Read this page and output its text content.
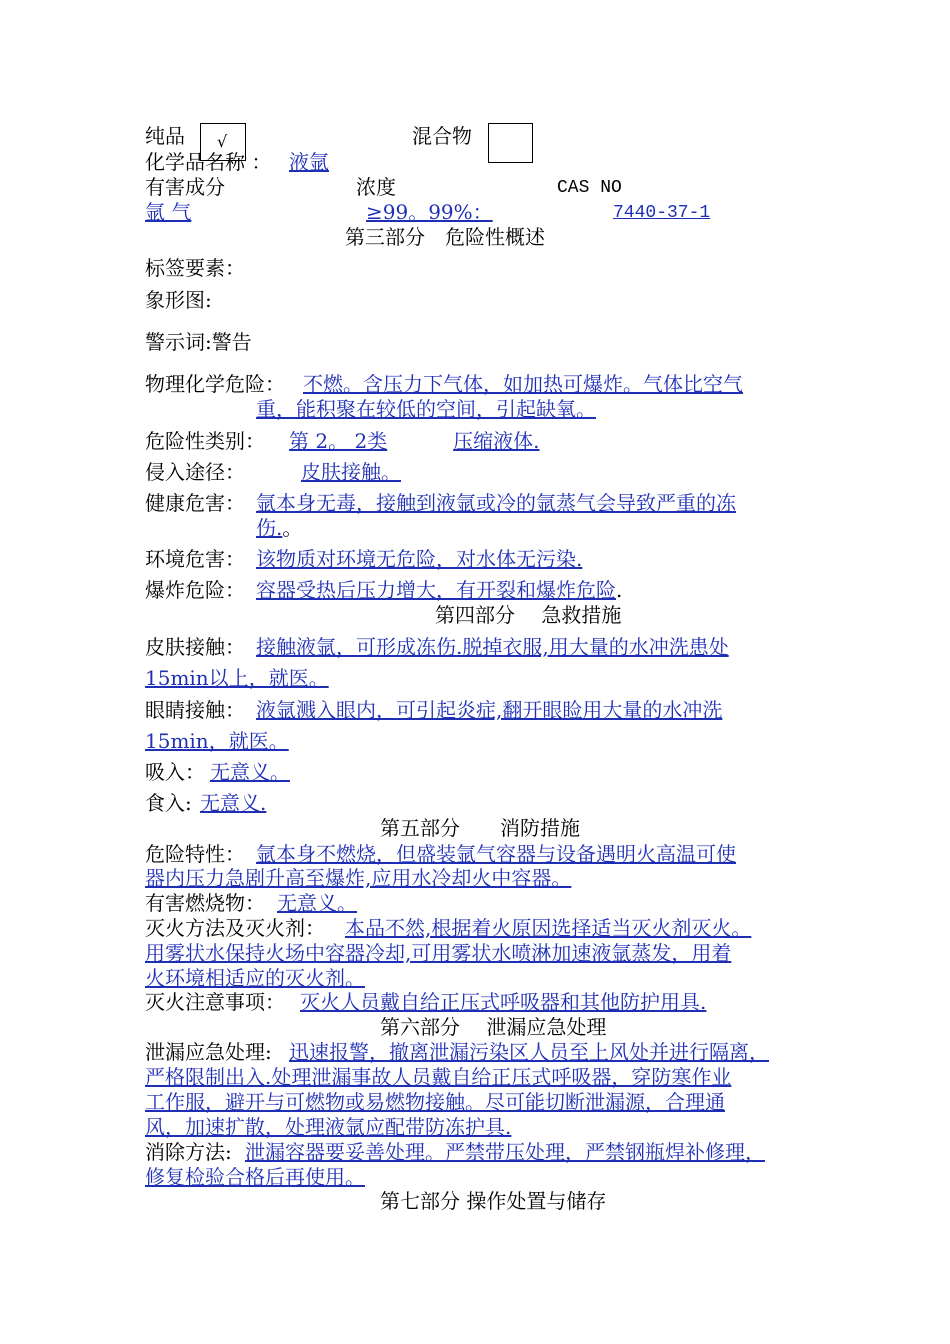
纯品 √	混合物
化学品名称 ： 液氩
有害成分	浓度	CAS NO
氩 气	≥99。99%：	7440-37-1
第三部分　危险性概述
标签要素：
象形图:
警示词:警告
物理化学危险： 不燃。含压力下气体，如加热可爆炸。气体比空气
重，能积聚在较低的空间，引起缺氧。
危险性类别：	第 2。 2类	压缩液体.
侵入途径：	皮肤接触。
健康危害： 氩本身无毒，接触到液氩或冷的氩蒸气会导致严重的冻
伤.。
环境危害： 该物质对环境无危险，对水体无污染.
爆炸危险： 容器受热后压力增大，有开裂和爆炸危险.
第四部分　 急救措施
皮肤接触： 接触液氩，可形成冻伤.脱掉衣服,用大量的水冲洗患处
15min以上，就医。
眼睛接触： 液氩溅入眼内，可引起炎症,翻开眼睑用大量的水冲洗
15min，就医。
吸入： 无意义。
食入: 无意义.
第五部分　　消防措施
危险特性： 氩本身不燃烧，但盛装氩气容器与设备遇明火高温可使
器内压力急剧升高至爆炸,应用水冷却火中容器。
有害燃烧物： 无意义。
灭火方法及灭火剂： 本品不然,根据着火原因选择适当灭火剂灭火。
用雾状水保持火场中容器冷却,可用雾状水喷淋加速液氩蒸发，用着
火环境相适应的灭火剂。
灭火注意事项： 灭火人员戴自给正压式呼吸器和其他防护用具.
第六部分　 泄漏应急处理
泄漏应急处理: 迅速报警，撤离泄漏污染区人员至上风处并进行隔离，
严格限制出入.处理泄漏事故人员戴自给正压式呼吸器，穿防寒作业
工作服，避开与可燃物或易燃物接触。尽可能切断泄漏源，合理通
风，加速扩散，处理液氩应配带防冻护具.
消除方法: 泄漏容器要妥善处理。严禁带压处理，严禁钢瓶焊补修理，
修复检验合格后再使用。
第七部分 操作处置与储存
